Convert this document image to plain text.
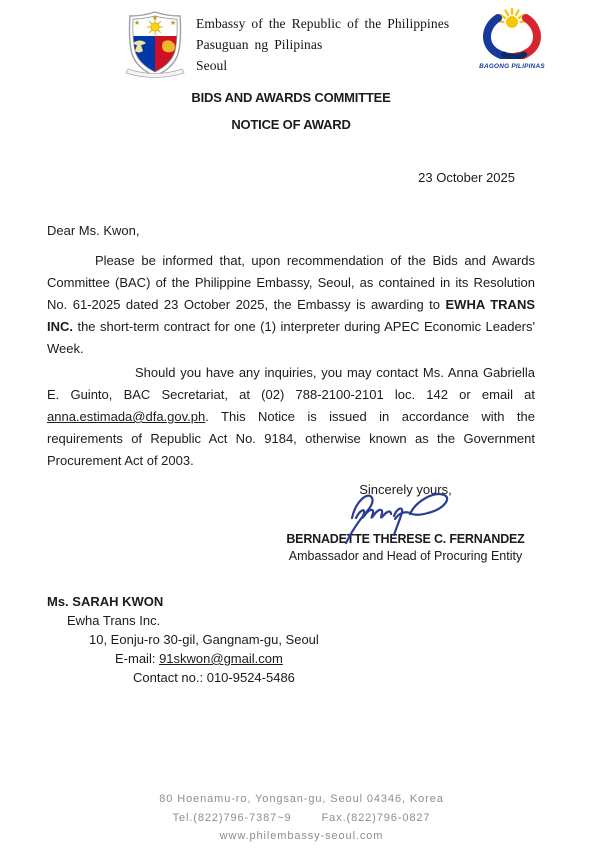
★
★
★ Embassy of the Republic of the Philippines
Pasuguan ng Pilipinas
Seoul	BAGONG PILIPINAS
BIDS AND AWARDS COMMITTEE
NOTICE OF AWARD
23 October 2025
Dear Ms. Kwon,

Please be informed that, upon recommendation of the Bids and Awards Committee (BAC) of the Philippine Embassy, Seoul, as contained in its Resolution No. 61-2025 dated 23 October 2025, the Embassy is awarding to EWHA TRANS INC. the short-term contract for one (1) interpreter during APEC Economic Leaders' Week.

Should you have any inquiries, you may contact Ms. Anna Gabriella E. Guinto, BAC Secretariat, at (02) 788-2100-2101 loc. 142 or email at anna.estimada@dfa.gov.ph. This Notice is issued in accordance with the requirements of Republic Act No. 9184, otherwise known as the Government Procurement Act of 2003.

Sincerely yours,
BERNADETTE THERESE C. FERNANDEZ
Ambassador and Head of Procuring Entity
Ms. SARAH KWON
Ewha Trans Inc.
10, Eonju-ro 30-gil, Gangnam-gu, Seoul
E-mail: 91skwon@gmail.com
Contact no.: 010-9524-5486
80 Hoenamu-ro, Yongsan-gu, Seoul 04346, Korea
Tel.(822)796-7387~9	Fax.(822)796-0827
www.philembassy-seoul.com
